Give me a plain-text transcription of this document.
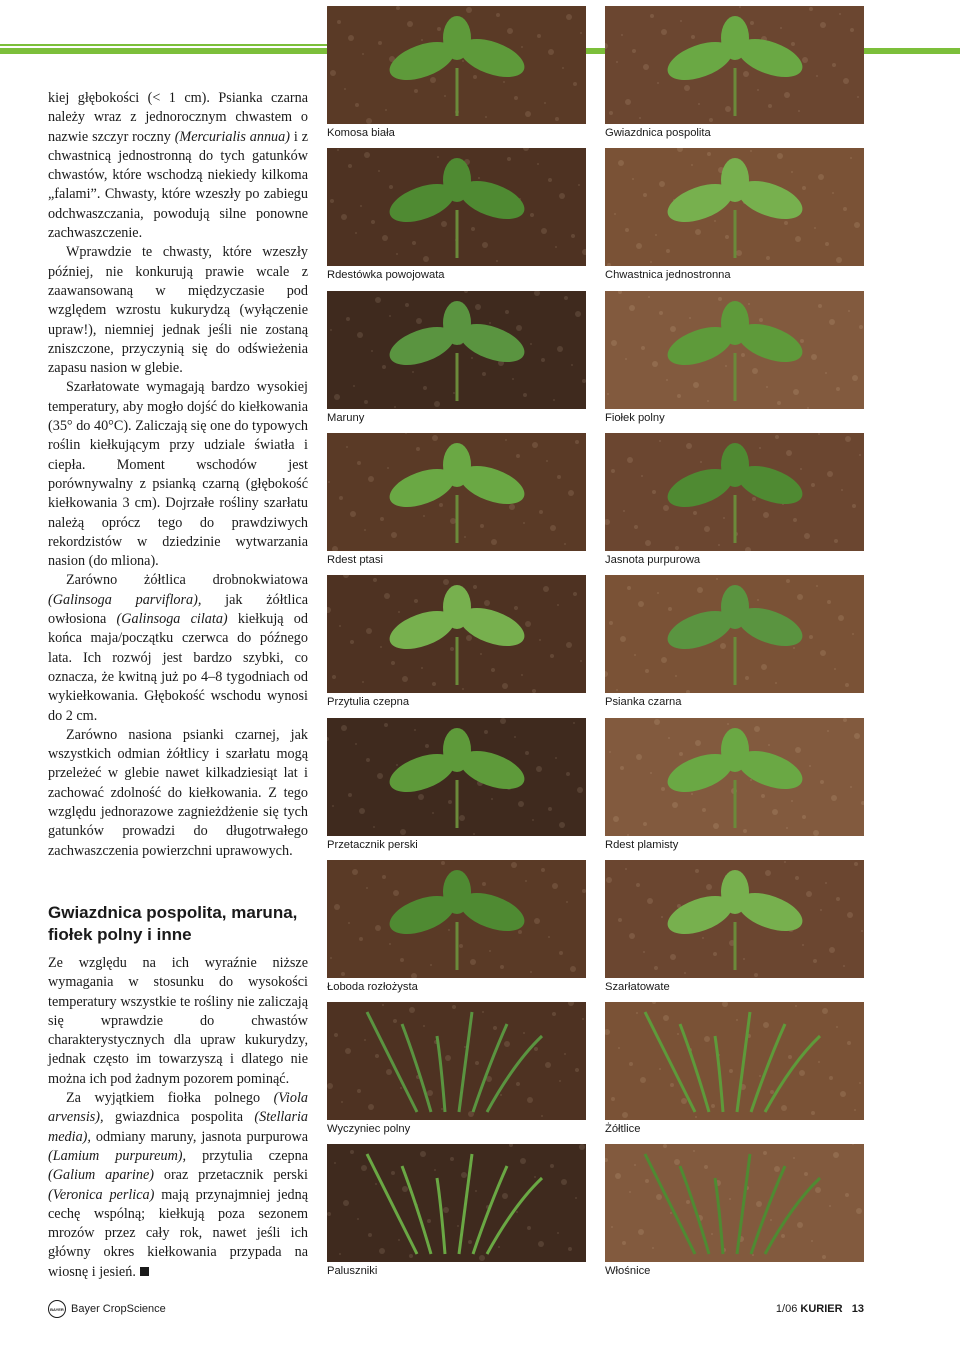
kiej głębokości (< 1 cm). Psianka czarna należy wraz z jednorocznym chwastem o nazwie szczyr roczny (Mercurialis annua) i z chwastnicą jednostronną do tych gatunków chwastów, które wschodzą niekiedy kilkoma „falami”. Chwasty, które wzeszły po zabiegu odchwaszczania, powodują silne ponowne zachwaszczenie.

Wprawdzie te chwasty, które wzeszły później, nie konkurują prawie wcale z zaawansowaną w międzyczasie pod względem wzrostu kukurydzą (wyłączenie upraw!), niemniej jednak jeśli nie zostaną zniszczone, przyczynią się do odświeżenia zapasu nasion w glebie.

Szarłatowate wymagają bardzo wysokiej temperatury, aby mogło dojść do kiełkowania (35° do 40°C). Zaliczają się one do typowych roślin kiełkującym przy udziale światła i ciepła. Moment wschodów jest porównywalny z psianką czarną (głębokość kiełkowania 3 cm). Dojrzałe rośliny szarłatu należą oprócz tego do prawdziwych rekordzistów w dziedzinie wytwarzania nasion (do mliona).

Zarówno żółtlica drobnokwiatowa (Galinsoga parviflora), jak żółtlica owłosiona (Galinsoga cilata) kiełkują od końca maja/początku czerwca do późnego lata. Ich rozwój jest bardzo szybki, co oznacza, że kwitną już po 4–8 tygodniach od wykiełkowania. Głębokość wschodu wynosi do 2 cm.

Zarówno nasiona psianki czarnej, jak wszystkich odmian żółtlicy i szarłatu mogą przeleżeć w glebie nawet kilkadziesiąt lat i zachować zdolność do kiełkowania. Z tego względu jednorazowe zagnieżdżenie się tych gatunków prowadzi do długotrwałego zachwaszczenia powierzchni uprawowych.

Gwiazdnica pospolita, maruna, fiołek polny i inne

Ze względu na ich wyraźnie niższe wymagania w stosunku do wysokości temperatury wszystkie te rośliny nie zaliczają się wprawdzie do chwastów charakterystycznych dla upraw kukurydzy, jednak często im towarzyszą i dlatego nie można ich pod żadnym pozorem pominąć.

Za wyjątkiem fiołka polnego (Viola arvensis), gwiazdnica pospolita (Stellaria media), odmiany maruny, jasnota purpurowa (Lamium purpureum), przytulia czepna (Galium aparine) oraz przetacznik perski (Veronica perlica) mają przynajmniej jedną cechę wspólną; kiełkują poza sezonem mrozów przez cały rok, nawet jeśli ich główny okres kiełkowania przypada na wiosnę i jesień.

Komosa biała	Gwiazdnica pospolita
Rdestówka powojowata	Chwastnica jednostronna
Maruny	Fiołek polny
Rdest ptasi	Jasnota purpurowa
Przytulia czepna	Psianka czarna
Przetacznik perski	Rdest plamisty
Łoboda rozłożysta	Szarłatowate
Wyczyniec polny	Żółtlice
Paluszniki	Włośnice
BAYER Bayer CropScience	1/06 KURIER 13
